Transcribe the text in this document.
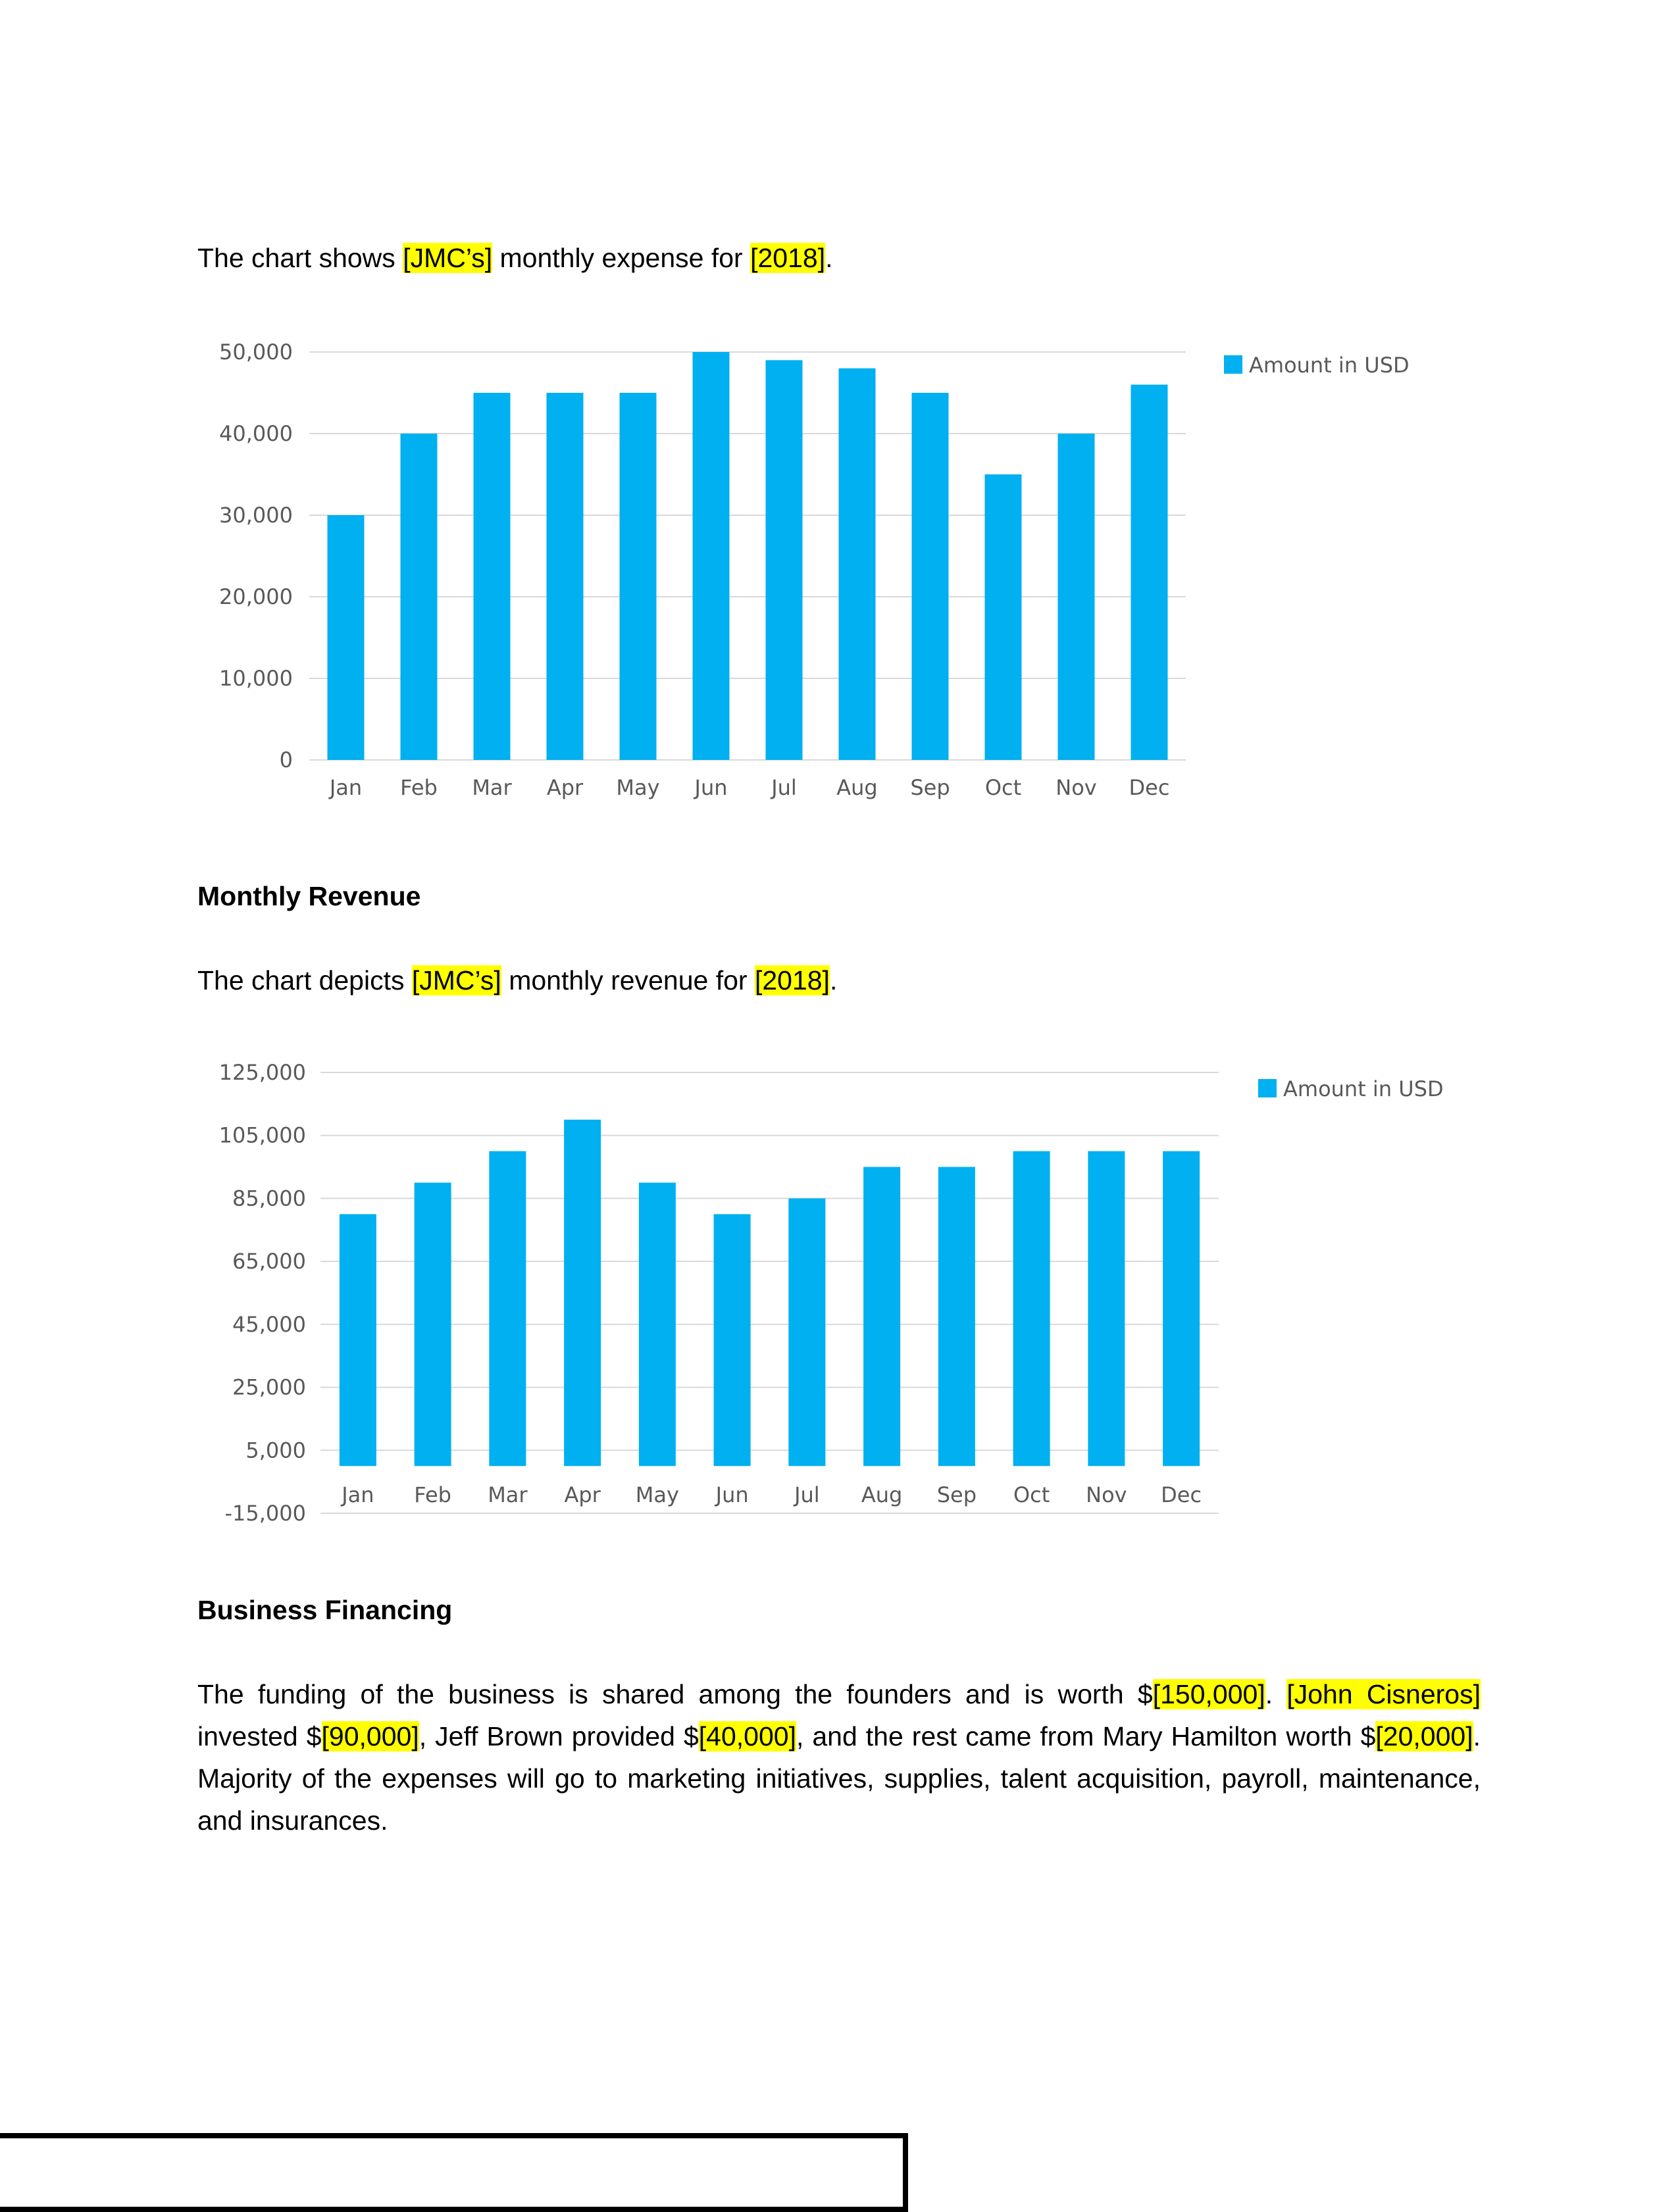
The chart shows [JMC’s] monthly expense for [2018].

0
10,000
20,000
30,000
40,000
50,000
Jan Feb Mar Apr May Jun Jul Aug Sep Oct Nov Dec
Amount in USD
Monthly Revenue

The chart depicts [JMC’s] monthly revenue for [2018].

-15,000
5,000
25,000
45,000
65,000
85,000
105,000
125,000
Jan Feb Mar Apr May Jun Jul Aug Sep Oct Nov Dec
Amount in USD
Business Financing

The funding of the business is shared among the founders and is worth $[150,000]. [John Cisneros] invested $[90,000], Jeff Brown provided $[40,000], and the rest came from Mary Hamilton worth $[20,000]. Majority of the expenses will go to marketing initiatives, supplies, talent acquisition, payroll, maintenance, and insurances.
